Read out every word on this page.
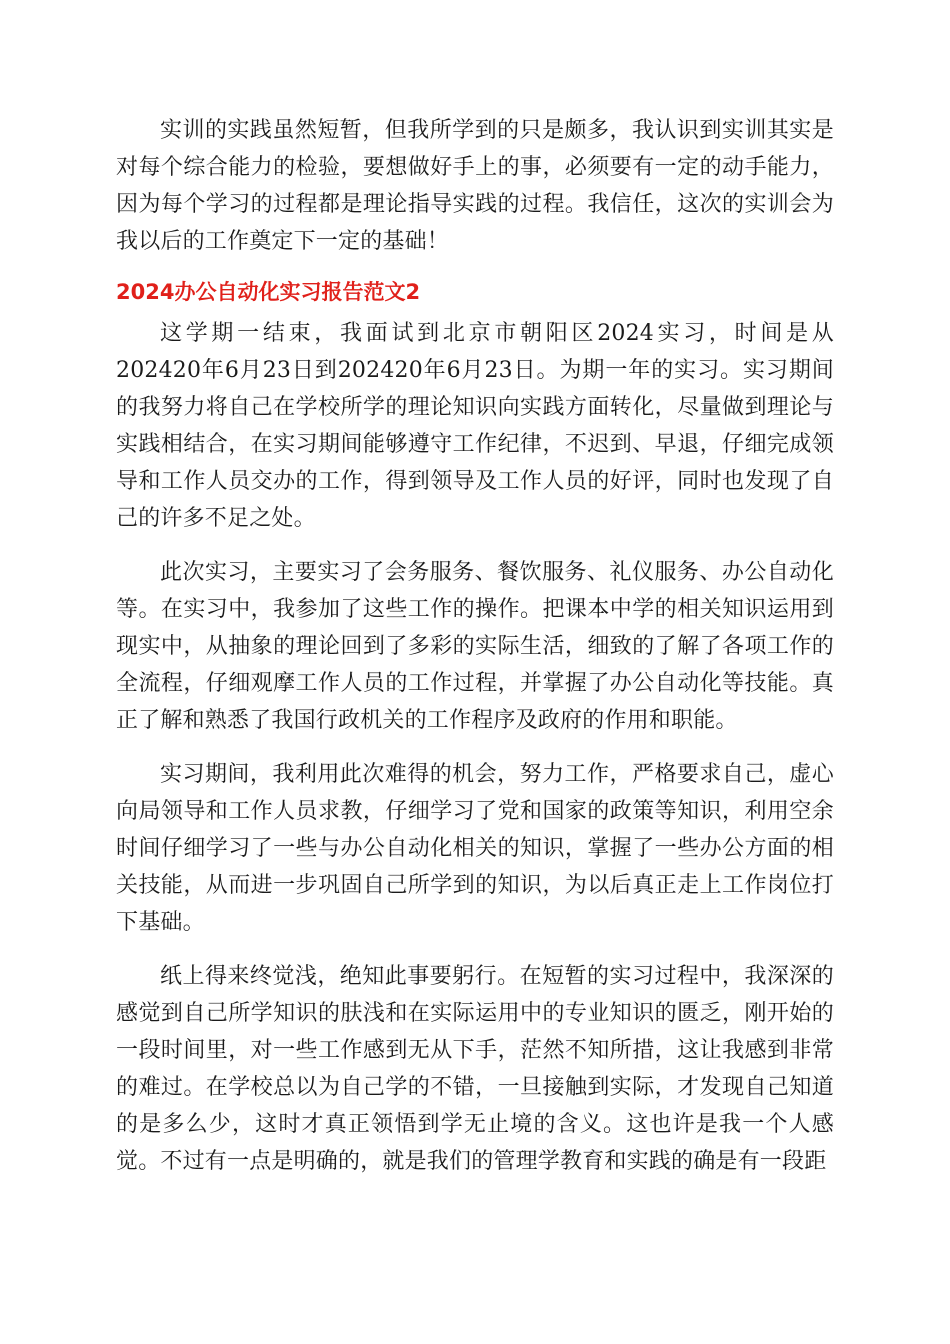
实训的实践虽然短暂，但我所学到的只是颇多，我认识到实训其实是对每个综合能力的检验，要想做好手上的事，必须要有一定的动手能力，因为每个学习的过程都是理论指导实践的过程。我信任，这次的实训会为我以后的工作奠定下一定的基础！

2024办公自动化实习报告范文2

这学期一结束，我面试到北京市朝阳区2024实习，时间是从202420年6月23日到202420年6月23日。为期一年的实习。实习期间的我努力将自己在学校所学的理论知识向实践方面转化，尽量做到理论与实践相结合，在实习期间能够遵守工作纪律，不迟到、早退，仔细完成领导和工作人员交办的工作，得到领导及工作人员的好评，同时也发现了自己的许多不足之处。

此次实习，主要实习了会务服务、餐饮服务、礼仪服务、办公自动化等。在实习中，我参加了这些工作的操作。把课本中学的相关知识运用到现实中，从抽象的理论回到了多彩的实际生活，细致的了解了各项工作的全流程，仔细观摩工作人员的工作过程，并掌握了办公自动化等技能。真正了解和熟悉了我国行政机关的工作程序及政府的作用和职能。

实习期间，我利用此次难得的机会，努力工作，严格要求自己，虚心向局领导和工作人员求教，仔细学习了党和国家的政策等知识，利用空余时间仔细学习了一些与办公自动化相关的知识，掌握了一些办公方面的相关技能，从而进一步巩固自己所学到的知识，为以后真正走上工作岗位打下基础。

纸上得来终觉浅，绝知此事要躬行。在短暂的实习过程中，我深深的感觉到自己所学知识的肤浅和在实际运用中的专业知识的匮乏，刚开始的一段时间里，对一些工作感到无从下手，茫然不知所措，这让我感到非常的难过。在学校总以为自己学的不错，一旦接触到实际，才发现自己知道的是多么少，这时才真正领悟到学无止境的含义。这也许是我一个人感觉。不过有一点是明确的，就是我们的管理学教育和实践的确是有一段距
